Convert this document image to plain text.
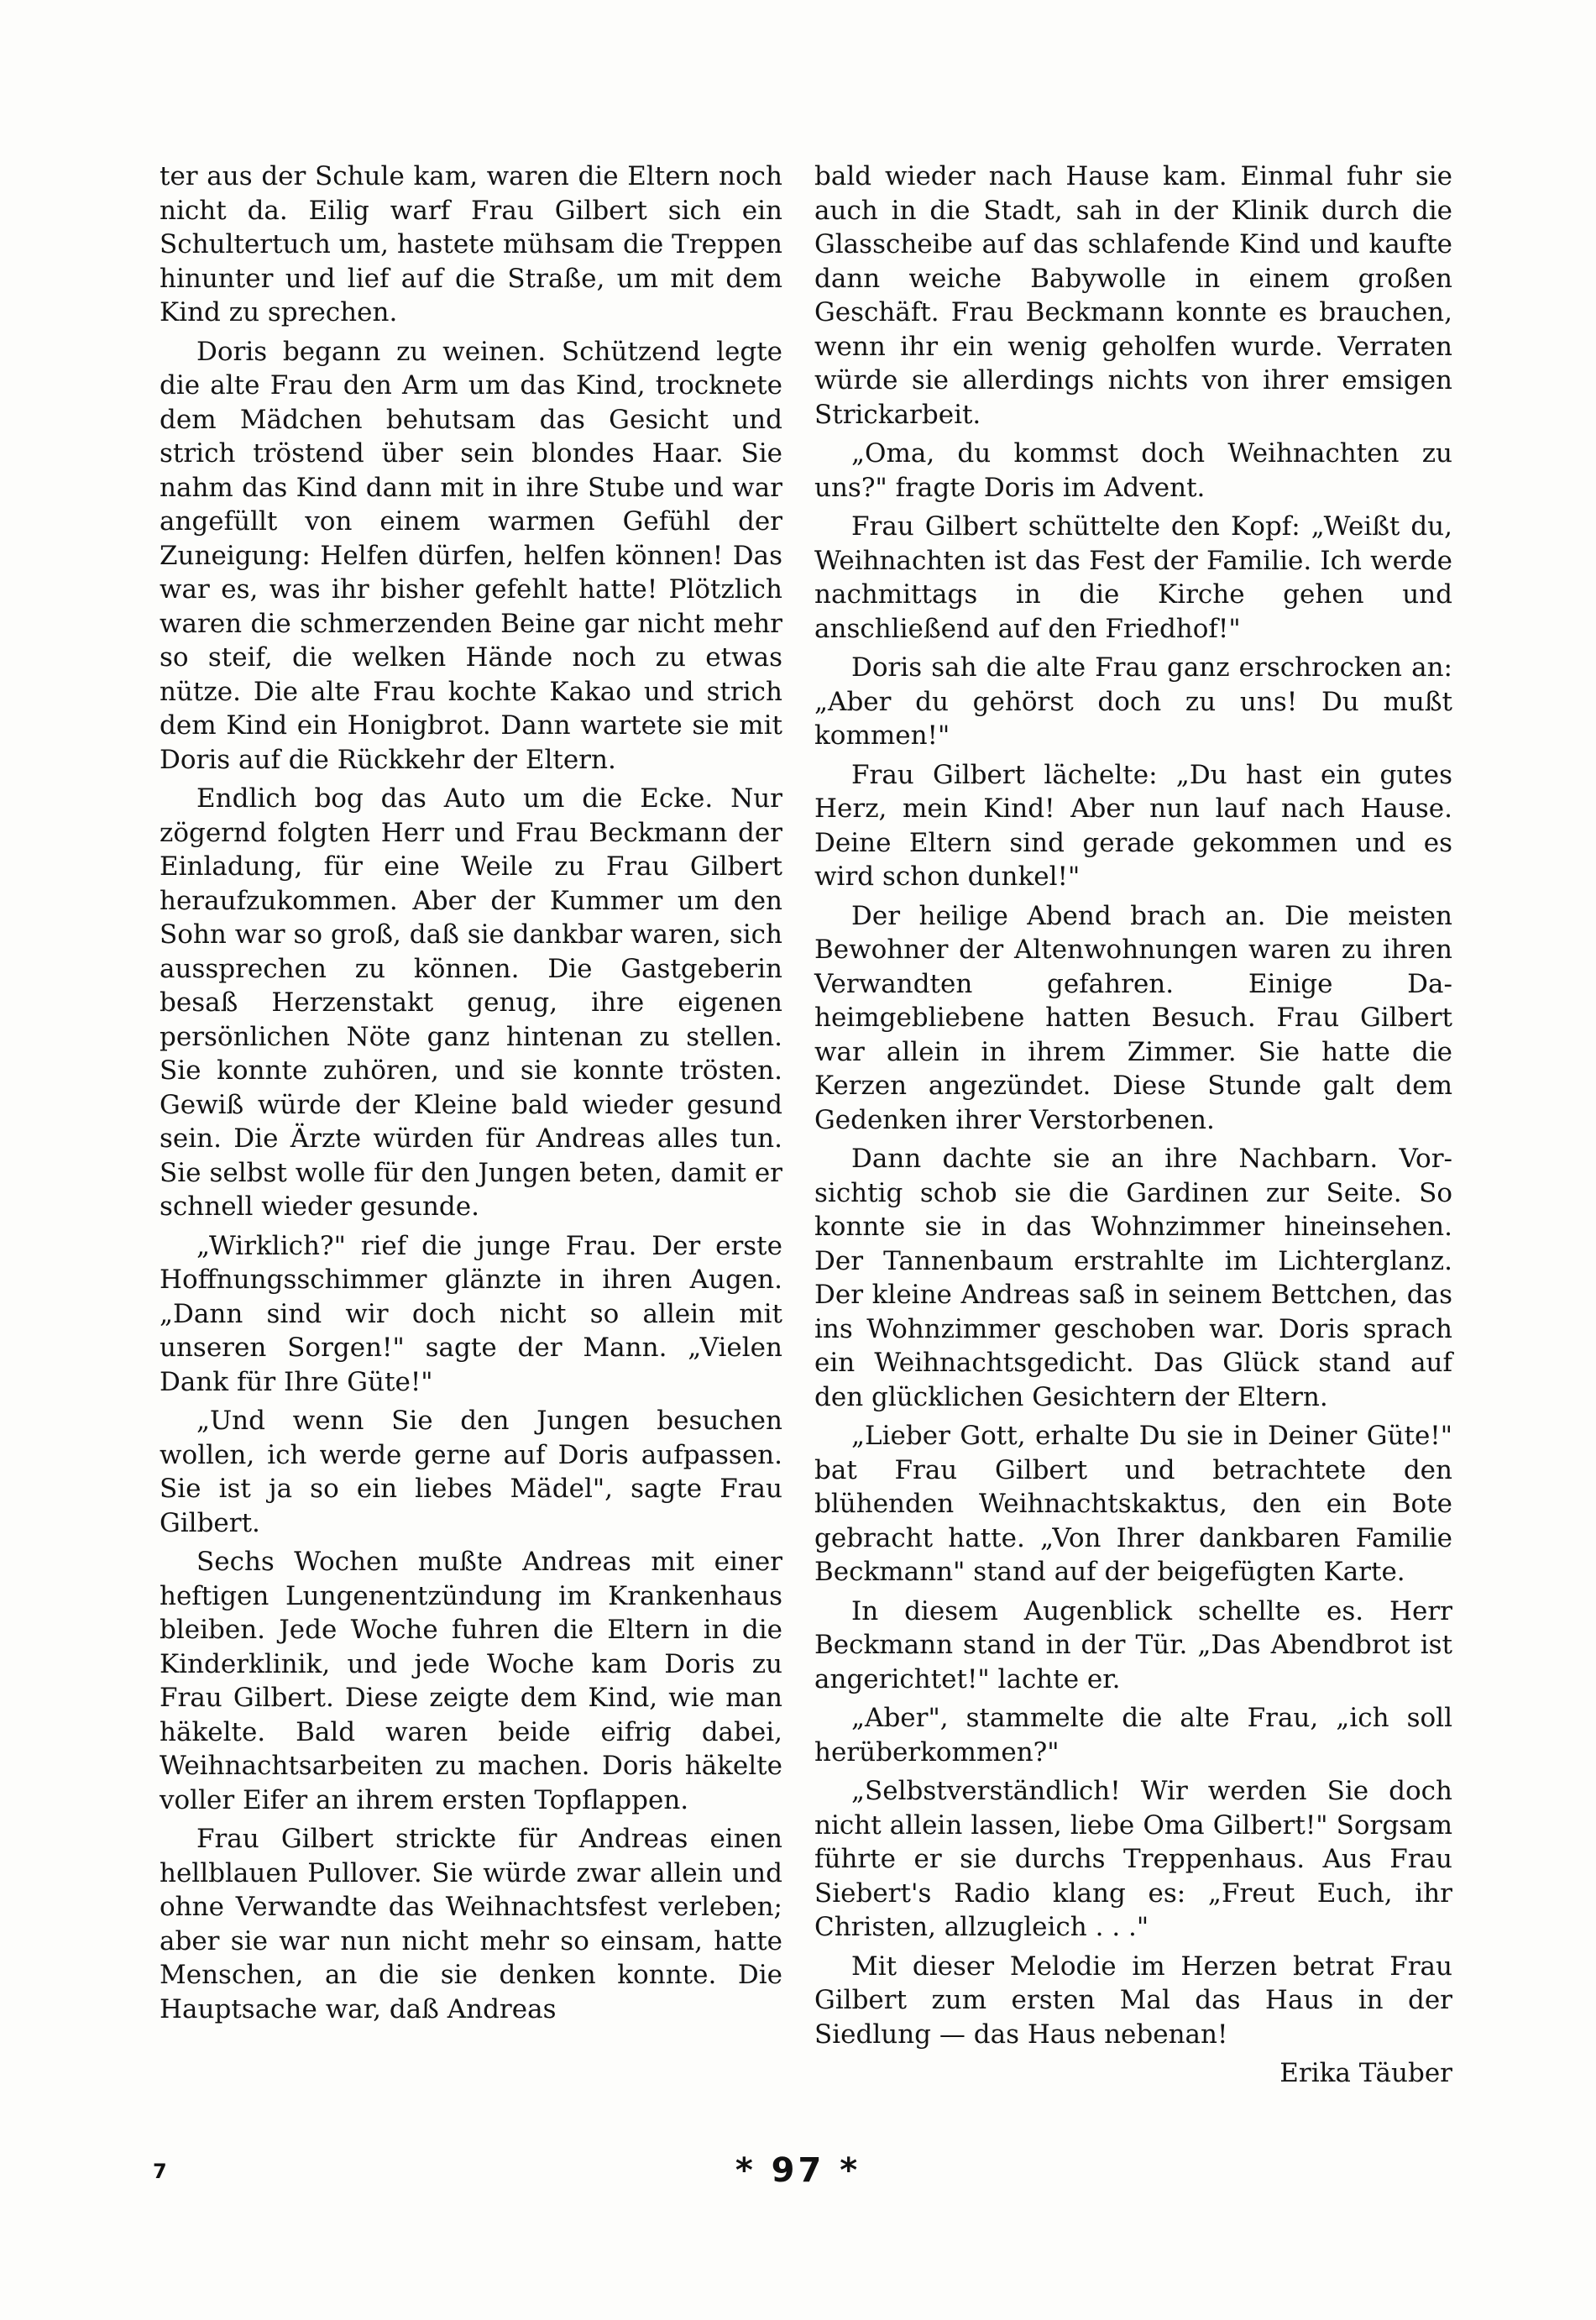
ter aus der Schule kam, waren die Eltern noch nicht da. Eilig warf Frau Gilbert sich ein Schultertuch um, hastete mühsam die Treppen hinunter und lief auf die Straße, um mit dem Kind zu sprechen.

Doris begann zu weinen. Schützend legte die alte Frau den Arm um das Kind, trocknete dem Mädchen behutsam das Gesicht und strich tröstend über sein blondes Haar. Sie nahm das Kind dann mit in ihre Stube und war angefüllt von einem warmen Gefühl der Zuneigung: Helfen dürfen, helfen können! Das war es, was ihr bisher gefehlt hatte! Plötzlich waren die schmerzenden Beine gar nicht mehr so steif, die welken Hände noch zu etwas nütze. Die alte Frau kochte Kakao und strich dem Kind ein Honigbrot. Dann wartete sie mit Doris auf die Rückkehr der Eltern.

Endlich bog das Auto um die Ecke. Nur zögernd folgten Herr und Frau Beckmann der Einladung, für eine Weile zu Frau Gilbert heraufzukommen. Aber der Kummer um den Sohn war so groß, daß sie dankbar waren, sich aussprechen zu können. Die Gastgeberin besaß Herzenstakt genug, ihre eigenen persönlichen Nöte ganz hintenan zu stellen. Sie konnte zuhören, und sie konnte trösten. Gewiß würde der Kleine bald wieder gesund sein. Die Ärzte würden für Andreas alles tun. Sie selbst wolle für den Jungen beten, damit er schnell wieder gesunde.

„Wirklich?" rief die junge Frau. Der erste Hoffnungsschimmer glänzte in ihren Augen. „Dann sind wir doch nicht so allein mit unseren Sorgen!" sagte der Mann. „Vielen Dank für Ihre Güte!"

„Und wenn Sie den Jungen besuchen wollen, ich werde gerne auf Doris aufpassen. Sie ist ja so ein liebes Mädel", sagte Frau Gilbert.

Sechs Wochen mußte Andreas mit einer heftigen Lungenentzündung im Krankenhaus bleiben. Jede Woche fuhren die Eltern in die Kinderklinik, und jede Woche kam Doris zu Frau Gilbert. Diese zeigte dem Kind, wie man häkelte. Bald waren beide eifrig dabei, Weihnachtsarbeiten zu machen. Doris häkelte voller Eifer an ihrem ersten Topflappen.

Frau Gilbert strickte für Andreas einen hellblauen Pullover. Sie würde zwar allein und ohne Verwandte das Weihnachtsfest verleben; aber sie war nun nicht mehr so einsam, hatte Menschen, an die sie denken konnte. Die Hauptsache war, daß Andreas

bald wieder nach Hause kam. Einmal fuhr sie auch in die Stadt, sah in der Klinik durch die Glasscheibe auf das schlafende Kind und kaufte dann weiche Babywolle in einem großen Geschäft. Frau Beckmann konnte es brauchen, wenn ihr ein wenig geholfen wurde. Verraten würde sie allerdings nichts von ihrer emsigen Strickarbeit.

„Oma, du kommst doch Weihnachten zu uns?" fragte Doris im Advent.

Frau Gilbert schüttelte den Kopf: „Weißt du, Weihnachten ist das Fest der Familie. Ich werde nachmittags in die Kirche gehen und anschließend auf den Friedhof!"

Doris sah die alte Frau ganz erschrocken an: „Aber du gehörst doch zu uns! Du mußt kommen!"

Frau Gilbert lächelte: „Du hast ein gutes Herz, mein Kind! Aber nun lauf nach Hause. Deine Eltern sind gerade gekommen und es wird schon dunkel!"

Der heilige Abend brach an. Die meisten Bewohner der Altenwohnungen waren zu ihren Verwandten gefahren. Einige Daheimgebliebene hatten Besuch. Frau Gilbert war allein in ihrem Zimmer. Sie hatte die Kerzen angezündet. Diese Stunde galt dem Gedenken ihrer Verstorbenen.

Dann dachte sie an ihre Nachbarn. Vorsichtig schob sie die Gardinen zur Seite. So konnte sie in das Wohnzimmer hineinsehen. Der Tannenbaum erstrahlte im Lichterglanz. Der kleine Andreas saß in seinem Bettchen, das ins Wohnzimmer geschoben war. Doris sprach ein Weihnachtsgedicht. Das Glück stand auf den glücklichen Gesichtern der Eltern.

„Lieber Gott, erhalte Du sie in Deiner Güte!" bat Frau Gilbert und betrachtete den blühenden Weihnachtskaktus, den ein Bote gebracht hatte. „Von Ihrer dankbaren Familie Beckmann" stand auf der beigefügten Karte.

In diesem Augenblick schellte es. Herr Beckmann stand in der Tür. „Das Abendbrot ist angerichtet!" lachte er.

„Aber", stammelte die alte Frau, „ich soll herüberkommen?"

„Selbstverständlich! Wir werden Sie doch nicht allein lassen, liebe Oma Gilbert!" Sorgsam führte er sie durchs Treppenhaus. Aus Frau Siebert's Radio klang es: „Freut Euch, ihr Christen, allzugleich . . ."

Mit dieser Melodie im Herzen betrat Frau Gilbert zum ersten Mal das Haus in der Siedlung — das Haus nebenan!

Erika Täuber

7	* 97 *
